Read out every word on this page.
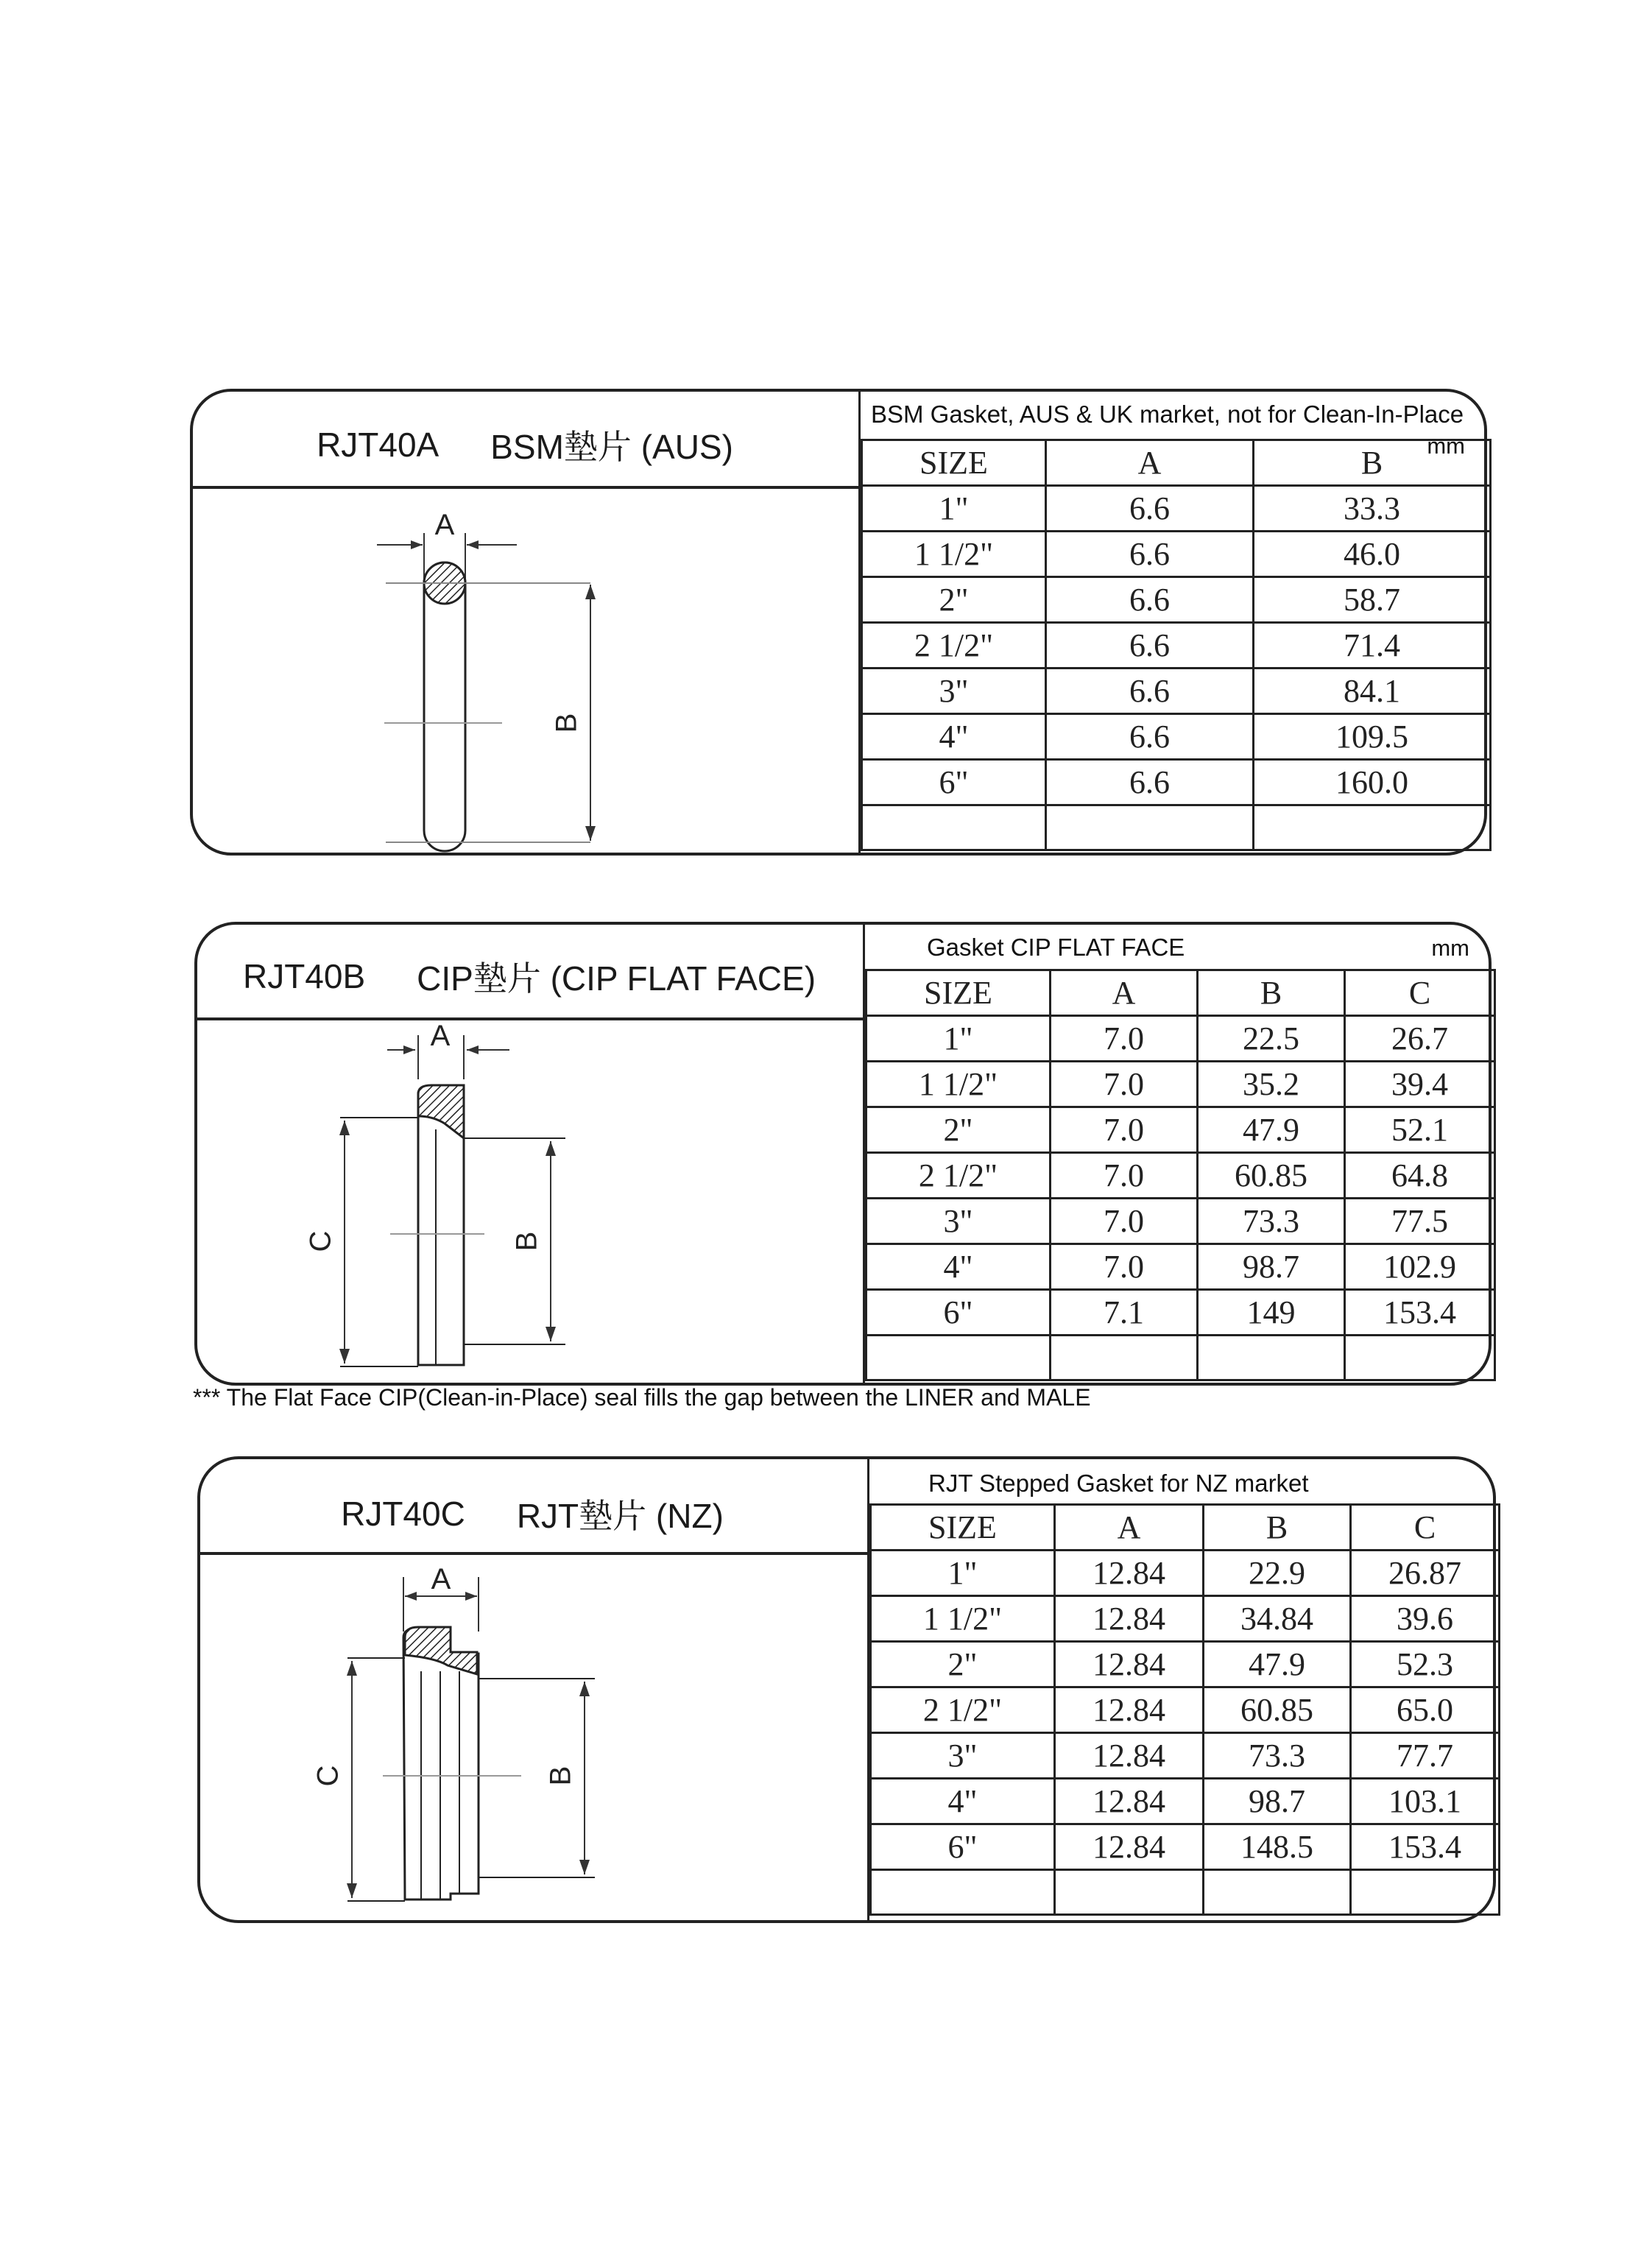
RJT40A BSM墊片 (AUS)
A
B
BSM Gasket, AUS & UK market, not for Clean-In-Place
mm
SIZE	A	B
1"	6.6	33.3
1 1/2"	6.6	46.0
2"	6.6	58.7
2 1/2"	6.6	71.4
3"	6.6	84.1
4"	6.6	109.5
6"	6.6	160.0

RJT40B CIP墊片 (CIP FLAT FACE)
A
C	B
Gasket CIP FLAT FACE	mm
SIZE	A	B	C
1"	7.0	22.5	26.7
1 1/2"	7.0	35.2	39.4
2"	7.0	47.9	52.1
2 1/2"	7.0	60.85	64.8
3"	7.0	73.3	77.5
4"	7.0	98.7	102.9
6"	7.1	149	153.4

*** The Flat Face CIP(Clean-in-Place) seal fills the gap between the LINER and MALE
RJT40C RJT墊片 (NZ)
A
C	B
RJT Stepped Gasket for NZ market
SIZE	A	B	C
1"	12.84	22.9	26.87
1 1/2"	12.84	34.84	39.6
2"	12.84	47.9	52.3
2 1/2"	12.84	60.85	65.0
3"	12.84	73.3	77.7
4"	12.84	98.7	103.1
6"	12.84	148.5	153.4
